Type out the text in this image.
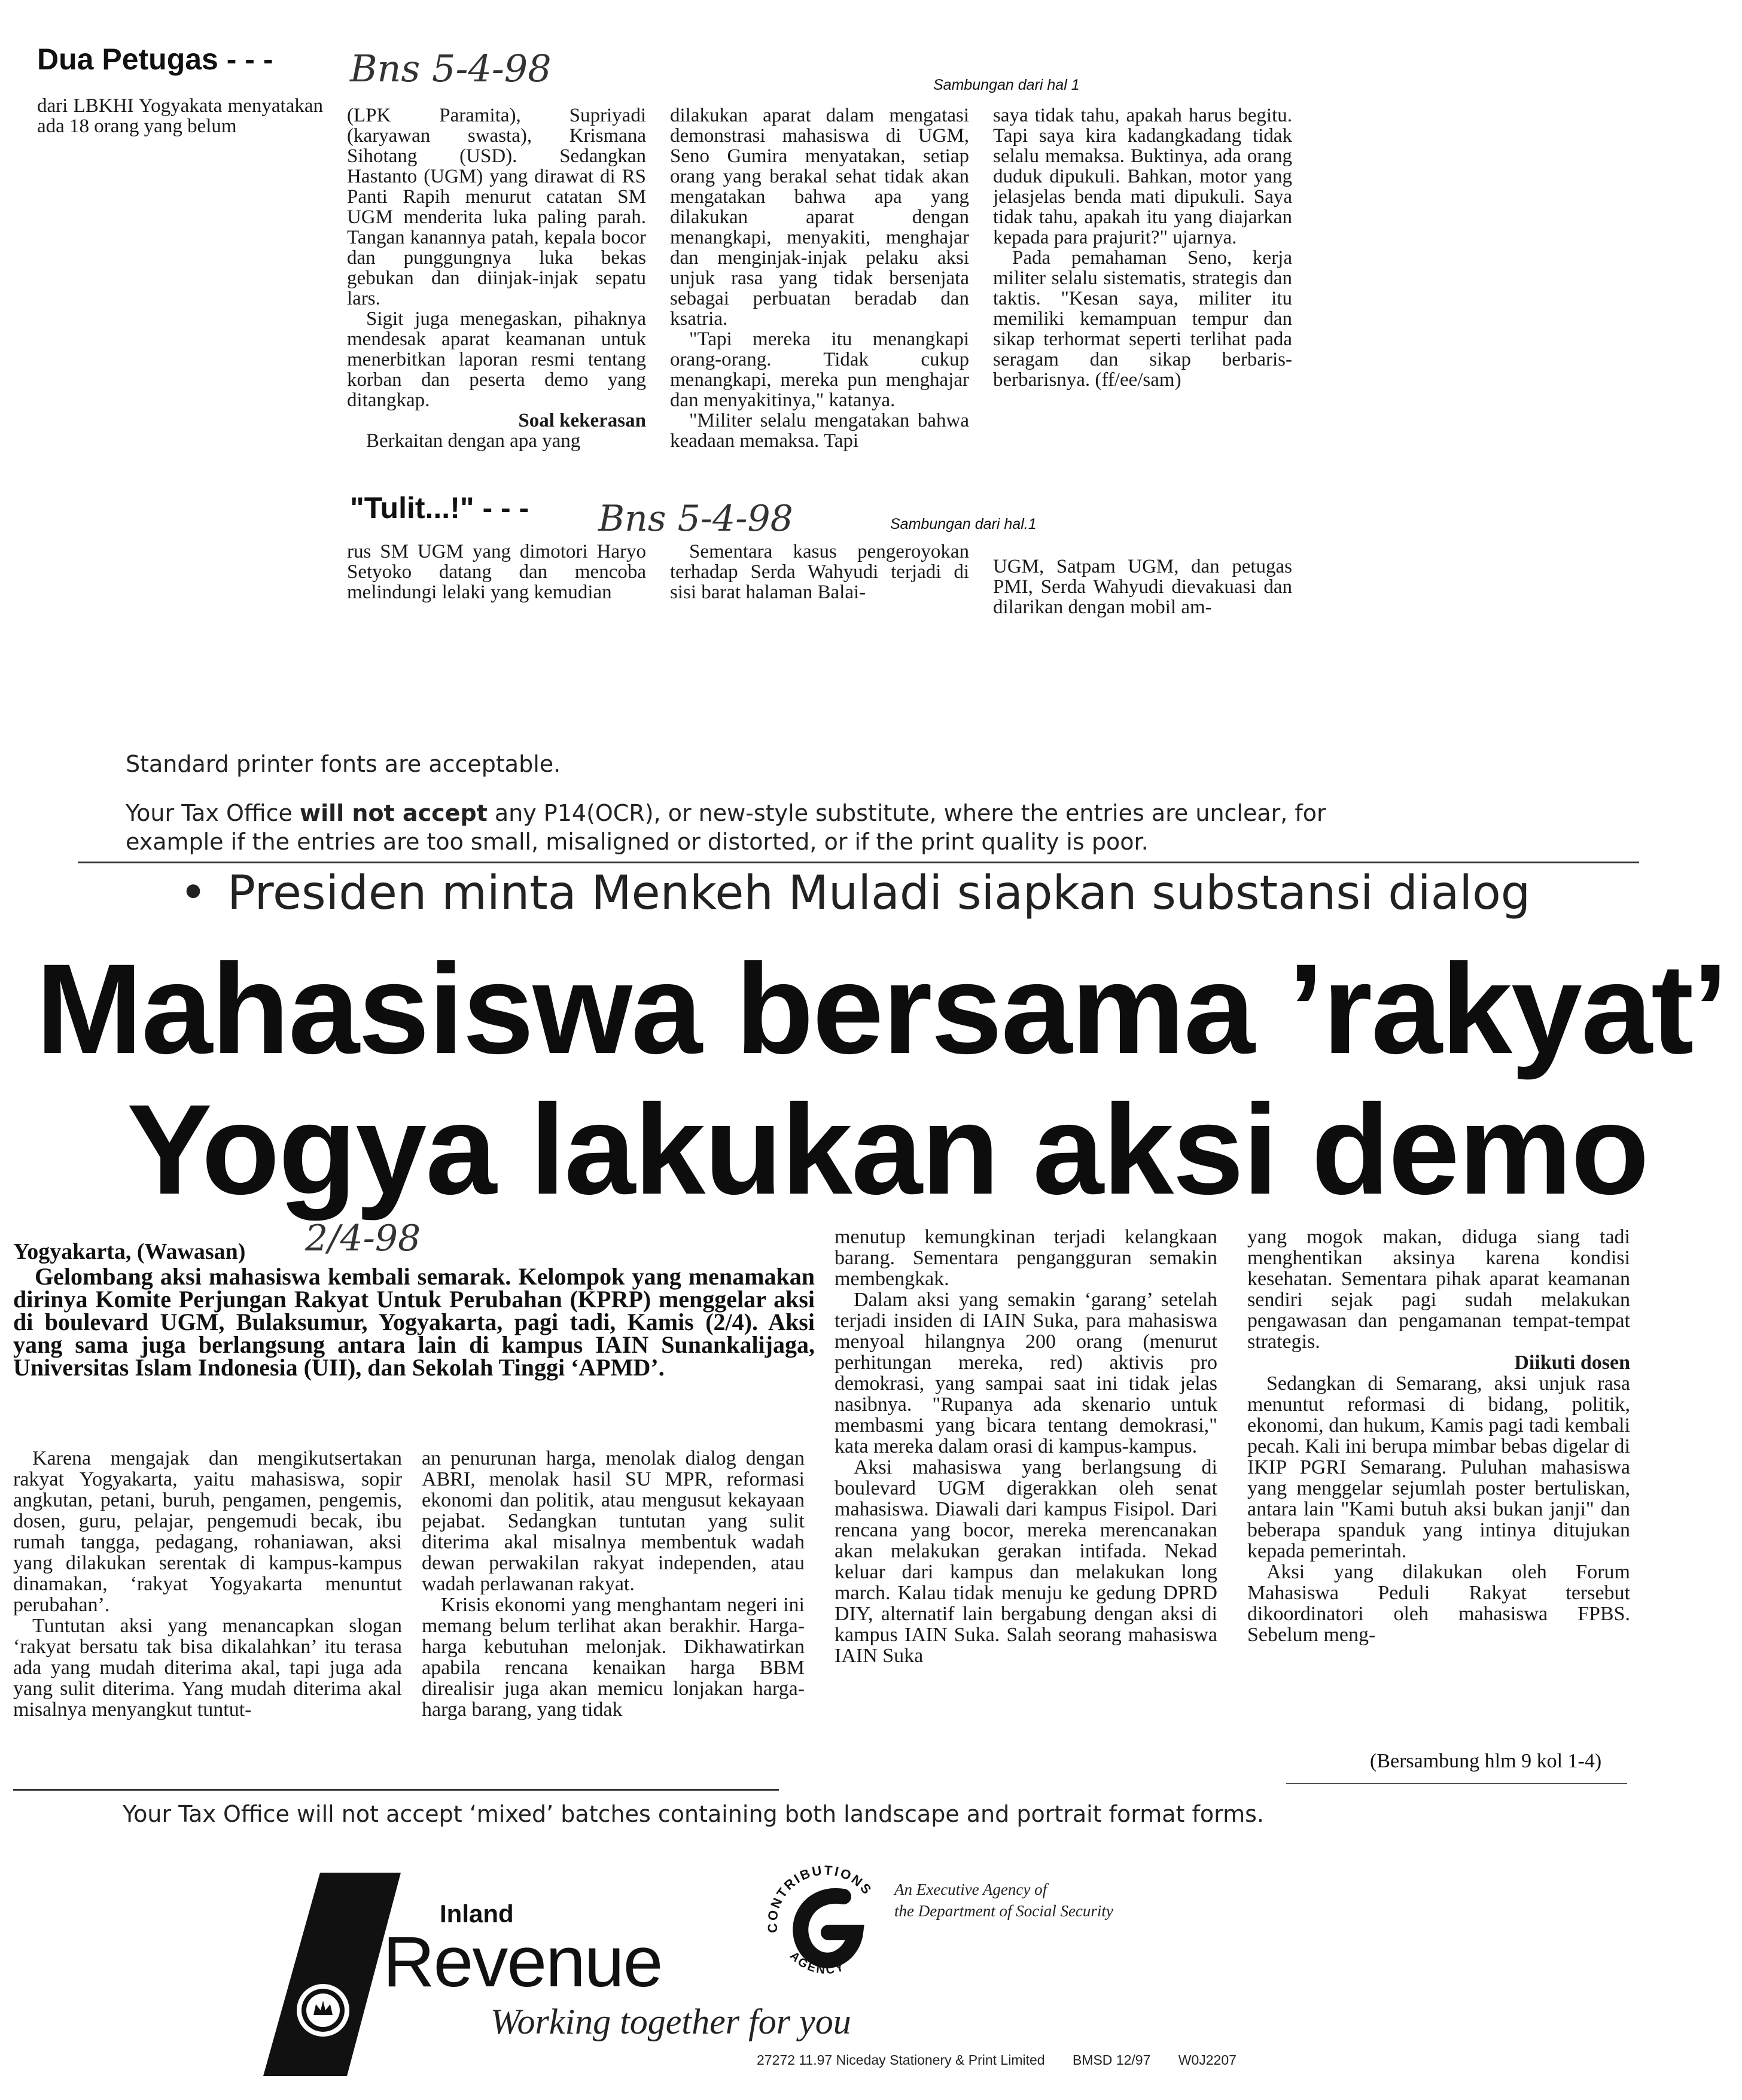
Dua Petugas - - - Bns 5-4-98	Sambungan dari hal 1

dari LBKHI Yogyakata menyatakan ada 18 orang yang belum	(LPK Paramita), Supriyadi (karyawan swasta), Krismana Sihotang (USD). Sedangkan Hastanto (UGM) yang dirawat di RS Panti Rapih menurut catatan SM UGM menderita luka paling parah. Tangan kanannya patah, kepala bocor dan punggungnya luka bekas gebukan dan diinjak-injak sepatu lars.

Sigit juga menegaskan, pihaknya mendesak aparat keamanan untuk menerbitkan laporan resmi tentang korban dan peserta demo yang ditangkap.

Soal kekerasan

Berkaitan dengan apa yang

dilakukan aparat dalam mengatasi demonstrasi mahasiswa di UGM, Seno Gumira menyatakan, setiap orang yang berakal sehat tidak akan mengatakan bahwa apa yang dilakukan aparat dengan menangkapi, menyakiti, menghajar dan menginjak-injak pelaku aksi unjuk rasa yang tidak bersenjata sebagai perbuatan beradab dan ksatria.

"Tapi mereka itu menangkapi orang-orang. Tidak cukup menangkapi, mereka pun menghajar dan menyakitinya," katanya.

"Militer selalu mengatakan bahwa keadaan memaksa. Tapi

saya tidak tahu, apakah harus begitu. Tapi saya kira kadangkadang tidak selalu memaksa. Buktinya, ada orang duduk dipukuli. Bahkan, motor yang jelasjelas benda mati dipukuli. Saya tidak tahu, apakah itu yang diajarkan kepada para prajurit?" ujarnya.

Pada pemahaman Seno, kerja militer selalu sistematis, strategis dan taktis. "Kesan saya, militer itu memiliki kemampuan tempur dan sikap terhormat seperti terlihat pada seragam dan sikap berbaris-berbarisnya. (ff/ee/sam)

"Tulit...!" - - - Bns 5-4-98	Sambungan dari hal.1

rus SM UGM yang dimotori Haryo Setyoko datang dan mencoba melindungi lelaki yang kemudian

Sementara kasus pengeroyokan terhadap Serda Wahyudi terjadi di sisi barat halaman Balai-

UGM, Satpam UGM, dan petugas PMI, Serda Wahyudi dievakuasi dan dilarikan dengan mobil am-

Standard printer fonts are acceptable.
Your Tax Office will not accept any P14(OCR), or new-style substitute, where the entries are unclear, for example if the entries are too small, misaligned or distorted, or if the print quality is poor.
• Presiden minta Menkeh Muladi siapkan substansi dialog
Mahasiswa bersama ’rakyat’
Yogya lakukan aksi demo
Yogyakarta, (Wawasan) 2/4-98

Gelombang aksi mahasiswa kembali semarak. Kelompok yang menamakan dirinya Komite Perjungan Rakyat Untuk Perubahan (KPRP) menggelar aksi di boulevard UGM, Bulaksumur, Yogyakarta, pagi tadi, Kamis (2/4). Aksi yang sama juga berlangsung antara lain di kampus IAIN Sunankalijaga, Universitas Islam Indonesia (UII), dan Sekolah Tinggi ‘APMD’.

Karena mengajak dan mengikutsertakan rakyat Yogyakarta, yaitu mahasiswa, sopir angkutan, petani, buruh, pengamen, pengemis, dosen, guru, pelajar, pengemudi becak, ibu rumah tangga, pedagang, rohaniawan, aksi yang dilakukan serentak di kampus-kampus dinamakan, ‘rakyat Yogyakarta menuntut perubahan’.

Tuntutan aksi yang menancapkan slogan ‘rakyat bersatu tak bisa dikalahkan’ itu terasa ada yang mudah diterima akal, tapi juga ada yang sulit diterima. Yang mudah diterima akal misalnya menyangkut tuntut-

an penurunan harga, menolak dialog dengan ABRI, menolak hasil SU MPR, reformasi ekonomi dan politik, atau mengusut kekayaan pejabat. Sedangkan tuntutan yang sulit diterima akal misalnya membentuk wadah dewan perwakilan rakyat independen, atau wadah perlawanan rakyat.

Krisis ekonomi yang menghantam negeri ini memang belum terlihat akan berakhir. Harga-harga kebutuhan melonjak. Dikhawatirkan apabila rencana kenaikan harga BBM direalisir juga akan memicu lonjakan harga-harga barang, yang tidak

menutup kemungkinan terjadi kelangkaan barang. Sementara pengangguran semakin membengkak.

Dalam aksi yang semakin ‘garang’ setelah terjadi insiden di IAIN Suka, para mahasiswa menyoal hilangnya 200 orang (menurut perhitungan mereka, red) aktivis pro demokrasi, yang sampai saat ini tidak jelas nasibnya. "Rupanya ada skenario untuk membasmi yang bicara tentang demokrasi," kata mereka dalam orasi di kampus-kampus.

Aksi mahasiswa yang berlangsung di boulevard UGM digerakkan oleh senat mahasiswa. Diawali dari kampus Fisipol. Dari rencana yang bocor, mereka merencanakan akan melakukan gerakan intifada. Nekad keluar dari kampus dan melakukan long march. Kalau tidak menuju ke gedung DPRD DIY, alternatif lain bergabung dengan aksi di kampus IAIN Suka. Salah seorang mahasiswa IAIN Suka

yang mogok makan, diduga siang tadi menghentikan aksinya karena kondisi kesehatan. Sementara pihak aparat keamanan sendiri sejak pagi sudah melakukan pengawasan dan pengamanan tempat-tempat strategis.

Diikuti dosen

Sedangkan di Semarang, aksi unjuk rasa menuntut reformasi di bidang, politik, ekonomi, dan hukum, Kamis pagi tadi kembali pecah. Kali ini berupa mimbar bebas digelar di IKIP PGRI Semarang. Puluhan mahasiswa yang menggelar sejumlah poster bertuliskan, antara lain "Kami butuh aksi bukan janji" dan beberapa spanduk yang intinya ditujukan kepada pemerintah.

Aksi yang dilakukan oleh Forum Mahasiswa Peduli Rakyat tersebut dikoordinatori oleh mahasiswa FPBS. Sebelum meng-

(Bersambung hlm 9 kol 1-4)
Your Tax Office will not accept ‘mixed’ batches containing both landscape and portrait format forms.
Inland
Revenue
Working together for you
CONTRIBUTIONS
AGENCY
An Executive Agency of
the Department of Social Security
27272 11.97 Niceday Stationery & Print Limited BMSD 12/97 W0J2207
